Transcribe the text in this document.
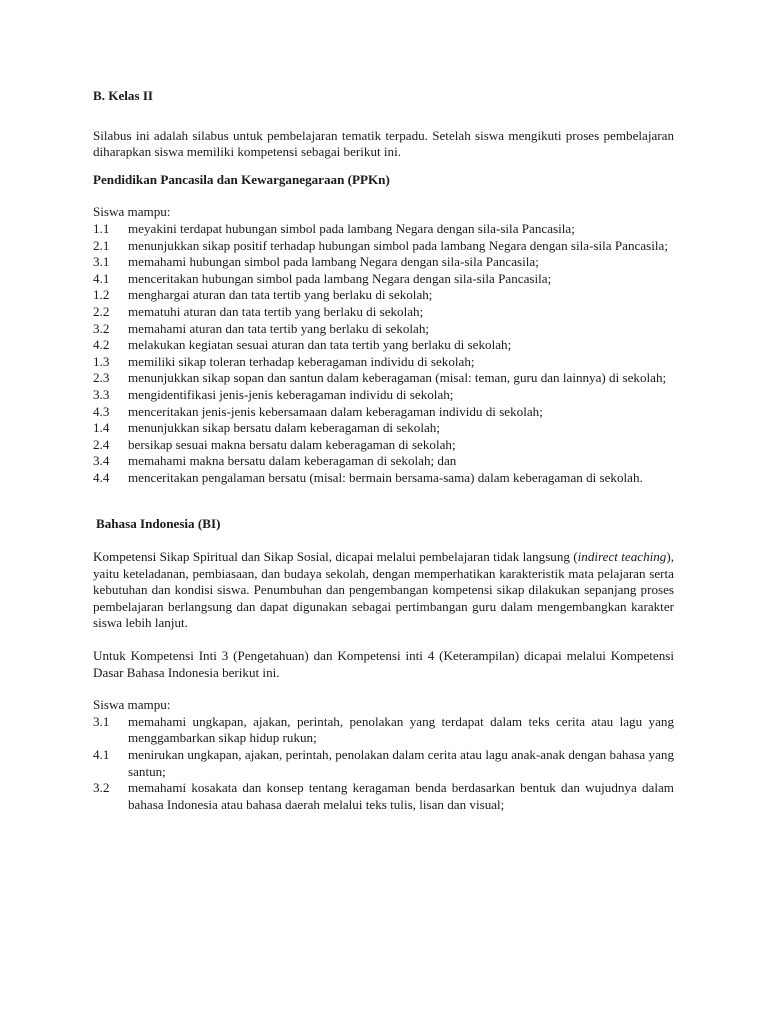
B. Kelas II

Silabus ini adalah silabus untuk pembelajaran tematik terpadu. Setelah siswa mengikuti proses pembelajaran diharapkan siswa memiliki kompetensi sebagai berikut ini.

Pendidikan Pancasila dan Kewarganegaraan (PPKn)

Siswa mampu:

1.1	meyakini terdapat hubungan simbol pada lambang Negara dengan sila-sila Pancasila;
2.1	menunjukkan sikap positif terhadap hubungan simbol pada lambang Negara dengan sila-sila Pancasila;
3.1	memahami hubungan simbol pada lambang Negara dengan sila-sila Pancasila;
4.1	menceritakan hubungan simbol pada lambang Negara dengan sila-sila Pancasila;
1.2	menghargai aturan dan tata tertib yang berlaku di sekolah;
2.2	mematuhi aturan dan tata tertib yang berlaku di sekolah;
3.2	memahami aturan dan tata tertib yang berlaku di sekolah;
4.2	melakukan kegiatan sesuai aturan dan tata tertib yang berlaku di sekolah;
1.3	memiliki sikap toleran terhadap keberagaman individu di sekolah;
2.3	menunjukkan sikap sopan dan santun dalam keberagaman (misal: teman, guru dan lainnya) di sekolah;
3.3	mengidentifikasi jenis-jenis keberagaman individu di sekolah;
4.3	menceritakan jenis-jenis kebersamaan dalam keberagaman individu di sekolah;
1.4	menunjukkan sikap bersatu dalam keberagaman di sekolah;
2.4	bersikap sesuai makna bersatu dalam keberagaman di sekolah;
3.4	memahami makna bersatu dalam keberagaman di sekolah; dan
4.4	menceritakan pengalaman bersatu (misal: bermain bersama-sama) dalam keberagaman di sekolah.

Bahasa Indonesia (BI)

Kompetensi Sikap Spiritual dan Sikap Sosial, dicapai melalui pembelajaran tidak langsung (indirect teaching), yaitu keteladanan, pembiasaan, dan budaya sekolah, dengan memperhatikan karakteristik mata pelajaran serta kebutuhan dan kondisi siswa. Penumbuhan dan pengembangan kompetensi sikap dilakukan sepanjang proses pembelajaran berlangsung dan dapat digunakan sebagai pertimbangan guru dalam mengembangkan karakter siswa lebih lanjut.

Untuk Kompetensi Inti 3 (Pengetahuan) dan Kompetensi inti 4 (Keterampilan) dicapai melalui Kompetensi Dasar Bahasa Indonesia berikut ini.

Siswa mampu:

3.1	memahami ungkapan, ajakan, perintah, penolakan yang terdapat dalam teks cerita atau lagu yang menggambarkan sikap hidup rukun;
4.1	menirukan ungkapan, ajakan, perintah, penolakan dalam cerita atau lagu anak-anak dengan bahasa yang santun;
3.2	memahami kosakata dan konsep tentang keragaman benda berdasarkan bentuk dan wujudnya dalam bahasa Indonesia atau bahasa daerah melalui teks tulis, lisan dan visual;
